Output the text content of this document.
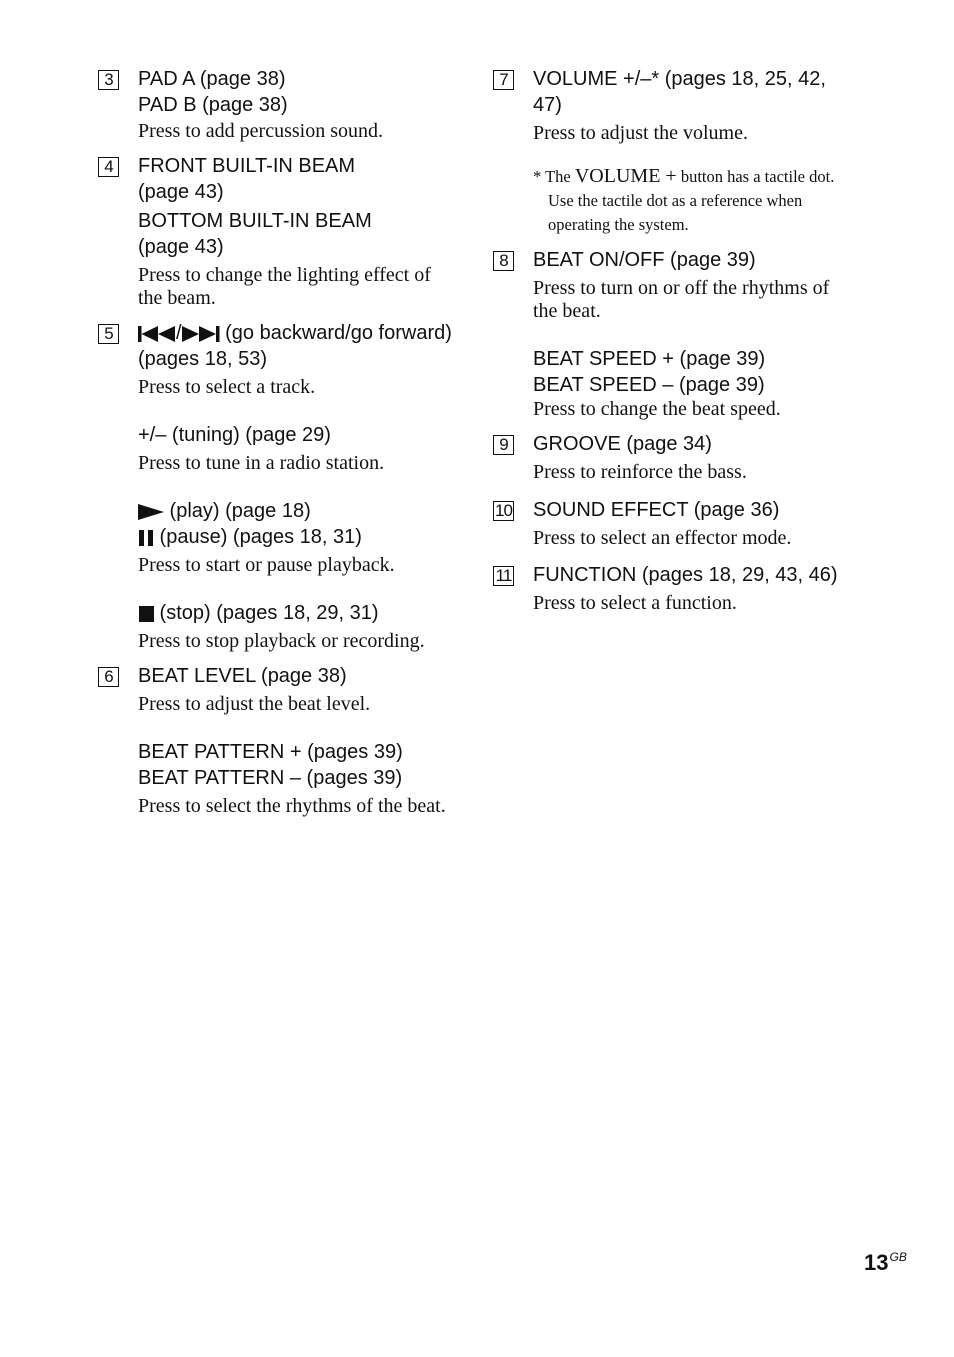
3	PAD A (page 38)

PAD B (page 38)

Press to add percussion sound.

4	FRONT BUILT-IN BEAM

(page 43)

BOTTOM BUILT-IN BEAM

(page 43)

Press to change the lighting effect of the beam.

5	/ (go backward/go forward) (pages 18, 53)

Press to select a track.

+/– (tuning) (page 29)

Press to tune in a radio station.

(play) (page 18)

(pause) (pages 18, 31)

Press to start or pause playback.

(stop) (pages 18, 29, 31)

Press to stop playback or recording.

6	BEAT LEVEL (page 38)

Press to adjust the beat level.

BEAT PATTERN + (pages 39)

BEAT PATTERN – (pages 39)

Press to select the rhythms of the beat.

7	VOLUME +/–* (pages 18, 25, 42, 47)

Press to adjust the volume.

* The VOLUME + button has a tactile dot. Use the tactile dot as a reference when operating the system.

8	BEAT ON/OFF (page 39)

Press to turn on or off the rhythms of the beat.

BEAT SPEED + (page 39)

BEAT SPEED – (page 39)

Press to change the beat speed.

9	GROOVE (page 34)

Press to reinforce the bass.

10 SOUND EFFECT (page 36)

Press to select an effector mode.

11 FUNCTION (pages 18, 29, 43, 46)

Press to select a function.

$13^{GB}$
